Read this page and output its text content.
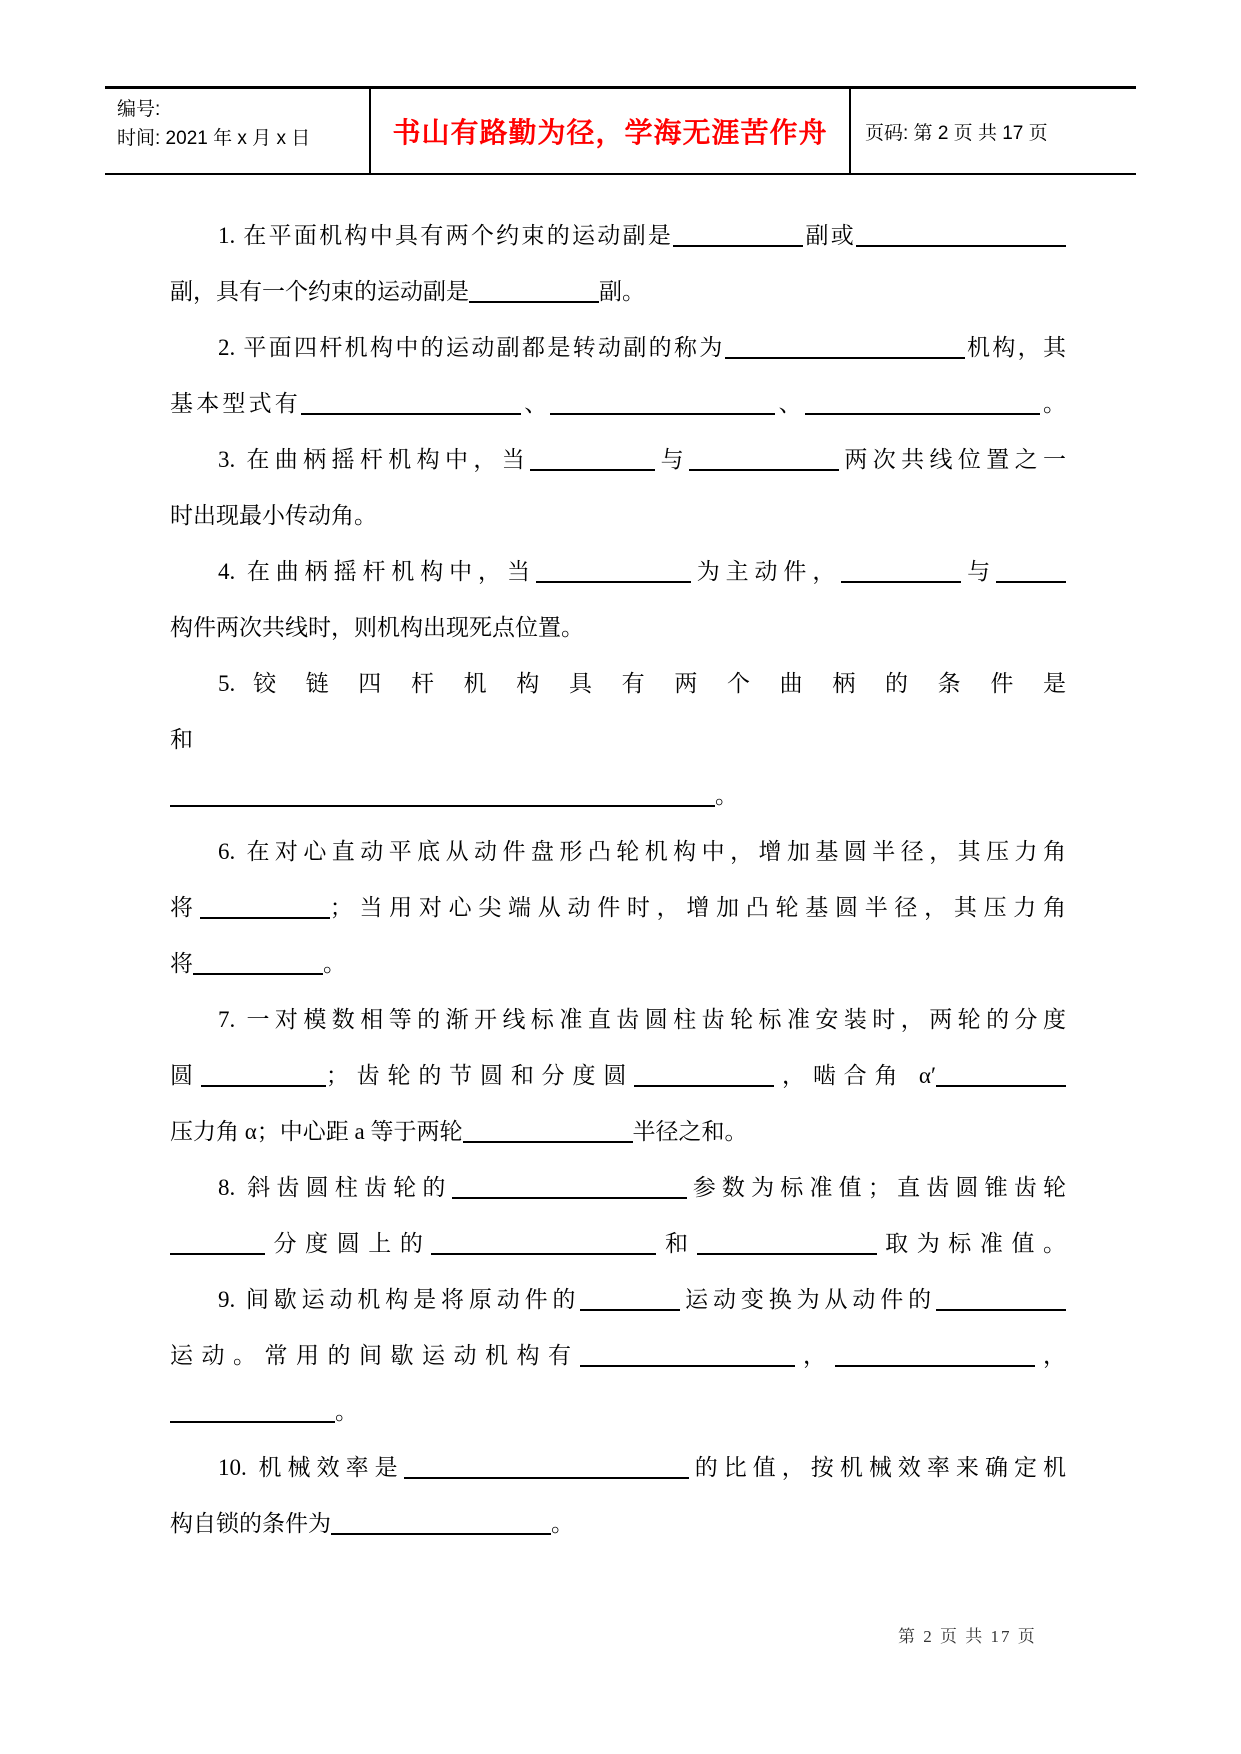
编号:
时间: 2021 年 x 月 x 日	书山有路勤为径，学海无涯苦作舟 页码: 第 2 页 共 17 页
1. 在平面机构中具有两个约束的运动副是	副或
副，具有一个约束的运动副是	副。
2. 平面四杆机构中的运动副都是转动副的称为	机构，其
基本型式有	、	、	。
3. 在曲柄摇杆机构中，当	与	两次共线位置之一
时出现最小传动角。
4. 在曲柄摇杆机构中，当	为主动件，	与
构件两次共线时，则机构出现死点位置。
5. 铰 链 四 杆 机 构 具 有 两 个 曲 柄 的 条 件 是
和
。
6. 在对心直动平底从动件盘形凸轮机构中，增加基圆半径，其压力角
将	；当用对心尖端从动件时，增加凸轮基圆半径，其压力角
将	。
7. 一对模数相等的渐开线标准直齿圆柱齿轮标准安装时，两轮的分度
圆	；齿轮的节圆和分度圆	，啮合角 α′
压力角 α；中心距 a 等于两轮	半径之和。
8. 斜齿圆柱齿轮的	参数为标准值；直齿圆锥齿轮
分度圆上的	和	取为标准值。
9. 间歇运动机构是将原动件的	运动变换为从动件的
运动。常用的间歇运动机构有	，	，
。
10. 机械效率是	的比值，按机械效率来确定机
构自锁的条件为	。
第 2 页 共 17 页
